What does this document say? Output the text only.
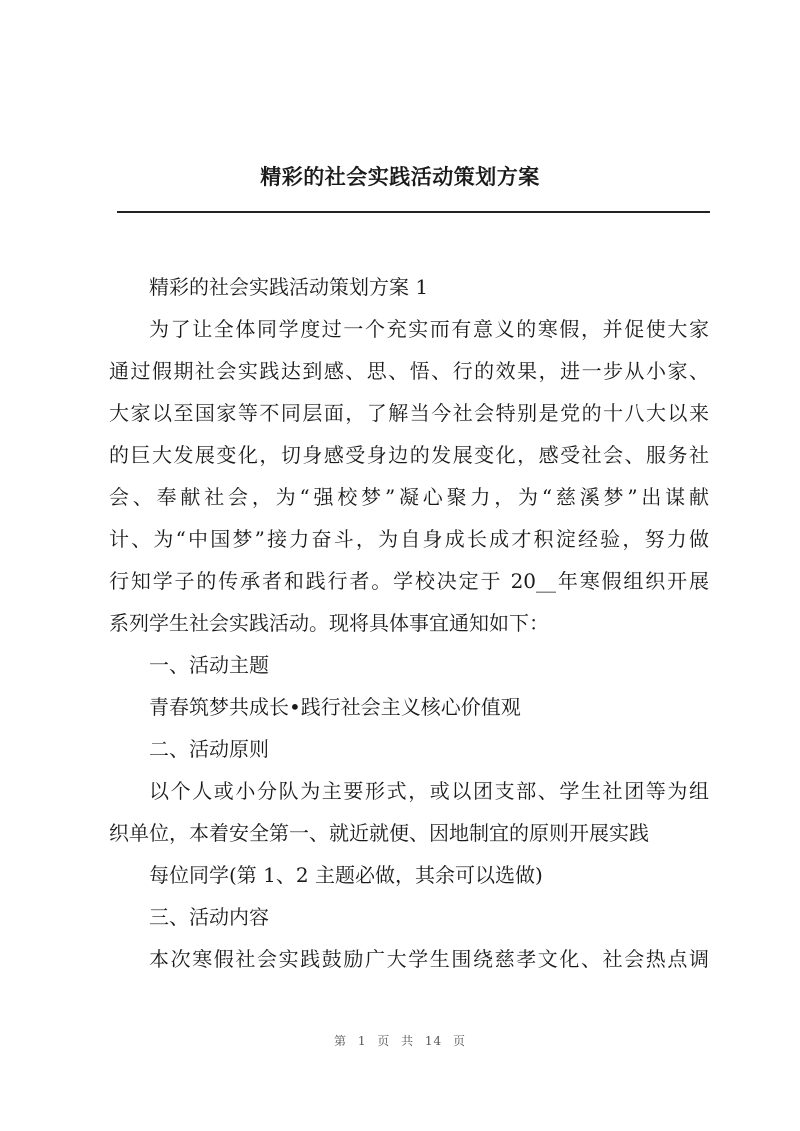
精彩的社会实践活动策划方案
精彩的社会实践活动策划方案 1
为了让全体同学度过一个充实而有意义的寒假，并促使大家
通过假期社会实践达到感、思、悟、行的效果，进一步从小家、
大家以至国家等不同层面，了解当今社会特别是党的十八大以来
的巨大发展变化，切身感受身边的发展变化，感受社会、服务社
会、奉献社会，为“强校梦”凝心聚力，为“慈溪梦”出谋献
计、为“中国梦”接力奋斗，为自身成长成才积淀经验，努力做
行知学子的传承者和践行者。学校决定于 20__年寒假组织开展
系列学生社会实践活动。现将具体事宜通知如下：
一、活动主题
青春筑梦共成长•践行社会主义核心价值观
二、活动原则
以个人或小分队为主要形式，或以团支部、学生社团等为组
织单位，本着安全第一、就近就便、因地制宜的原则开展实践
每位同学(第 1、2 主题必做，其余可以选做)
三、活动内容
本次寒假社会实践鼓励广大学生围绕慈孝文化、社会热点调
第 1 页 共 14 页
